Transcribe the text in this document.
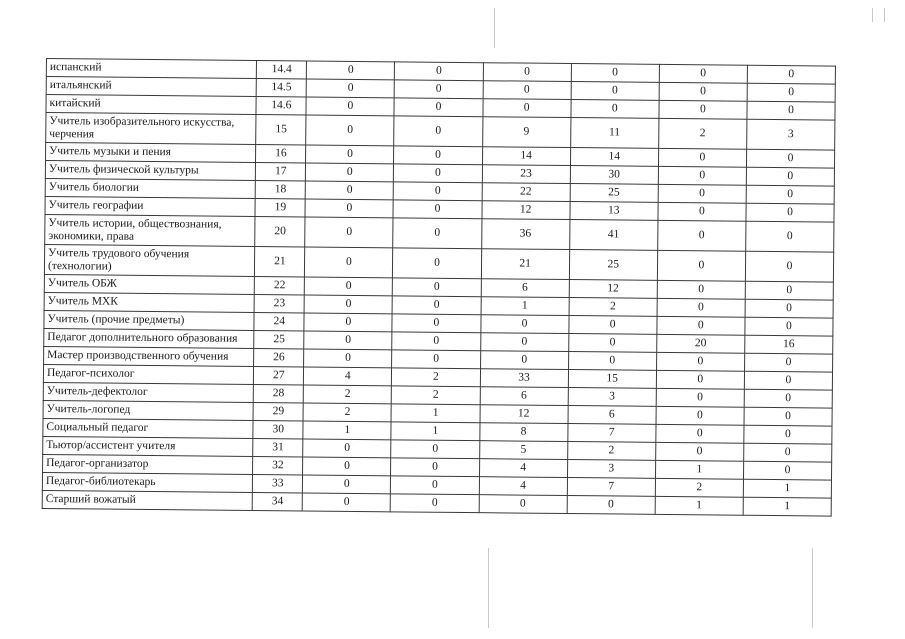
испанский	14.4	0	0	0	0	0	0
итальянский	14.5	0	0	0	0	0	0
китайский	14.6	0	0	0	0	0	0
Учитель изобразительного искусства, черчения	15	0	0	9	11	2	3
Учитель музыки и пения	16	0	0	14	14	0	0
Учитель физической культуры	17	0	0	23	30	0	0
Учитель биологии	18	0	0	22	25	0	0
Учитель географии	19	0	0	12	13	0	0
Учитель истории, обществознания, экономики, права	20	0	0	36	41	0	0
Учитель трудового обучения (технологии)	21	0	0	21	25	0	0
Учитель ОБЖ	22	0	0	6	12	0	0
Учитель МХК	23	0	0	1	2	0	0
Учитель (прочие предметы)	24	0	0	0	0	0	0
Педагог дополнительного образования	25	0	0	0	0	20	16
Мастер производственного обучения	26	0	0	0	0	0	0
Педагог-психолог	27	4	2	33	15	0	0
Учитель-дефектолог	28	2	2	6	3	0	0
Учитель-логопед	29	2	1	12	6	0	0
Социальный педагог	30	1	1	8	7	0	0
Тьютор/ассистент учителя	31	0	0	5	2	0	0
Педагог-организатор	32	0	0	4	3	1	0
Педагог-библиотекарь	33	0	0	4	7	2	1
Старший вожатый	34	0	0	0	0	1	1
